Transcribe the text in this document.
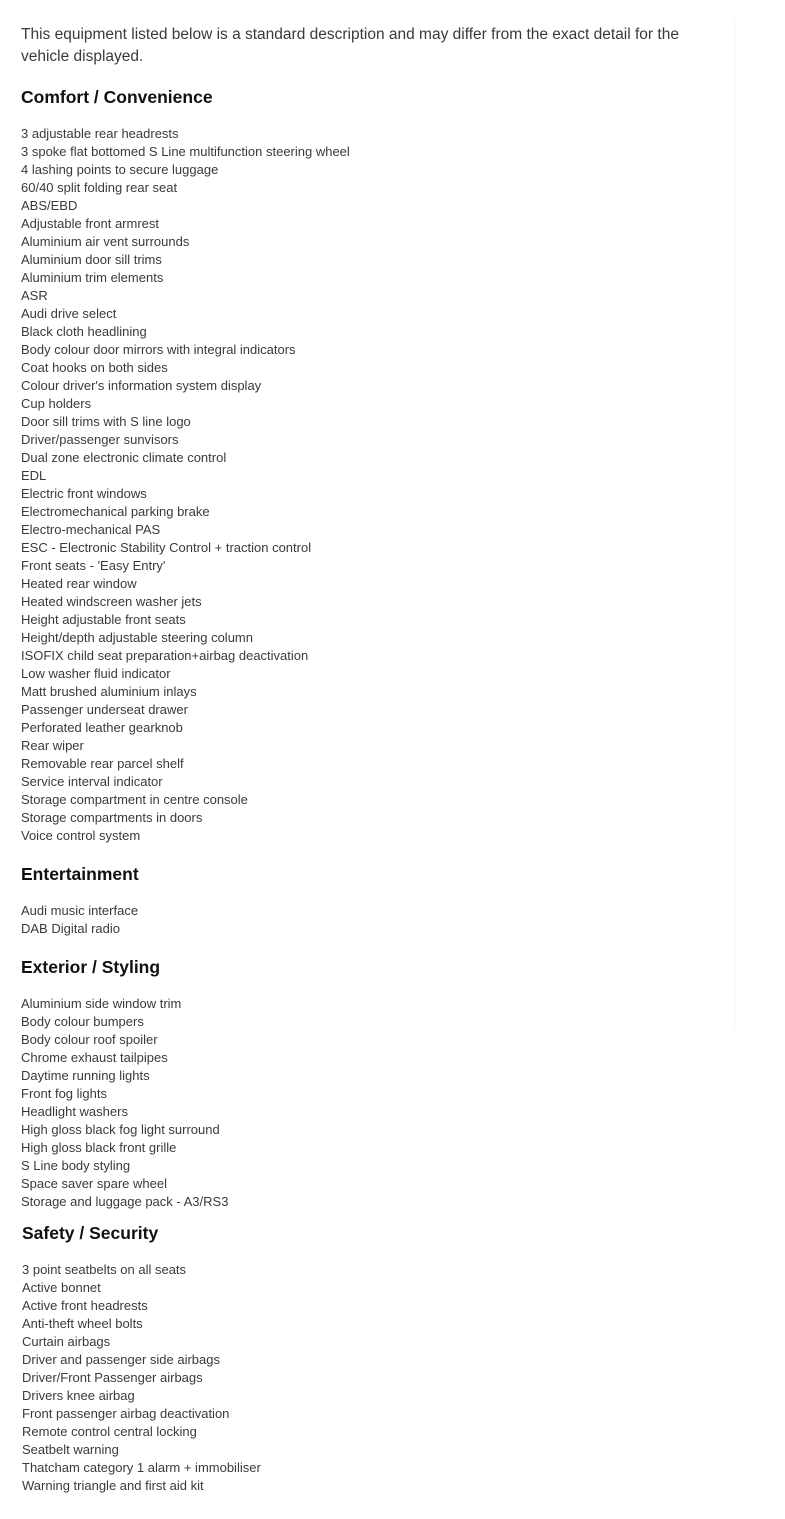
This equipment listed below is a standard description and may differ from the exact detail for the vehicle displayed.

Comfort / Convenience
3 adjustable rear headrests
3 spoke flat bottomed S Line multifunction steering wheel
4 lashing points to secure luggage
60/40 split folding rear seat
ABS/EBD
Adjustable front armrest
Aluminium air vent surrounds
Aluminium door sill trims
Aluminium trim elements
ASR
Audi drive select
Black cloth headlining
Body colour door mirrors with integral indicators
Coat hooks on both sides
Colour driver's information system display
Cup holders
Door sill trims with S line logo
Driver/passenger sunvisors
Dual zone electronic climate control
EDL
Electric front windows
Electromechanical parking brake
Electro-mechanical PAS
ESC - Electronic Stability Control + traction control
Front seats - 'Easy Entry'
Heated rear window
Heated windscreen washer jets
Height adjustable front seats
Height/depth adjustable steering column
ISOFIX child seat preparation+airbag deactivation
Low washer fluid indicator
Matt brushed aluminium inlays
Passenger underseat drawer
Perforated leather gearknob
Rear wiper
Removable rear parcel shelf
Service interval indicator
Storage compartment in centre console
Storage compartments in doors
Voice control system
Entertainment
Audi music interface
DAB Digital radio
Exterior / Styling
Aluminium side window trim
Body colour bumpers
Body colour roof spoiler
Chrome exhaust tailpipes
Daytime running lights
Front fog lights
Headlight washers
High gloss black fog light surround
High gloss black front grille
S Line body styling
Space saver spare wheel
Storage and luggage pack - A3/RS3
Safety / Security
3 point seatbelts on all seats
Active bonnet
Active front headrests
Anti-theft wheel bolts
Curtain airbags
Driver and passenger side airbags
Driver/Front Passenger airbags
Drivers knee airbag
Front passenger airbag deactivation
Remote control central locking
Seatbelt warning
Thatcham category 1 alarm + immobiliser
Warning triangle and first aid kit
